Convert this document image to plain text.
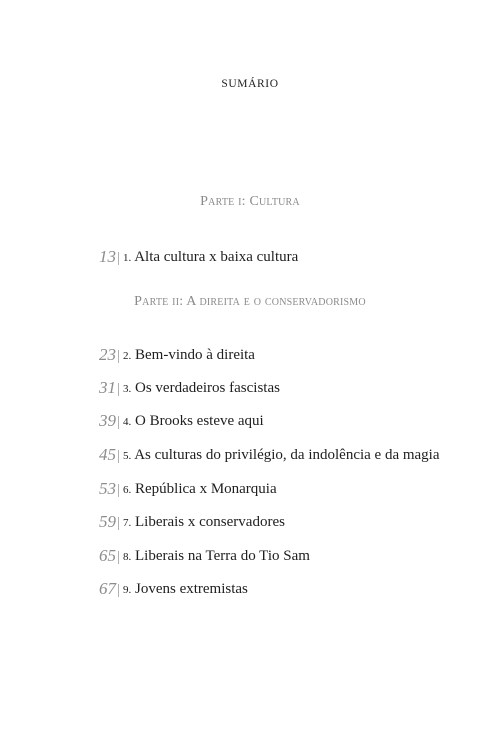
SUMÁRIO
Parte i: Cultura
13 | 1. Alta cultura x baixa cultura
Parte ii: A direita e o conservadorismo
23 | 2. Bem-vindo à direita
31 | 3. Os verdadeiros fascistas
39 | 4. O Brooks esteve aqui
45 | 5. As culturas do privilégio, da indolência e da magia
53 | 6. República x Monarquia
59 | 7. Liberais x conservadores
65 | 8. Liberais na Terra do Tio Sam
67 | 9. Jovens extremistas
